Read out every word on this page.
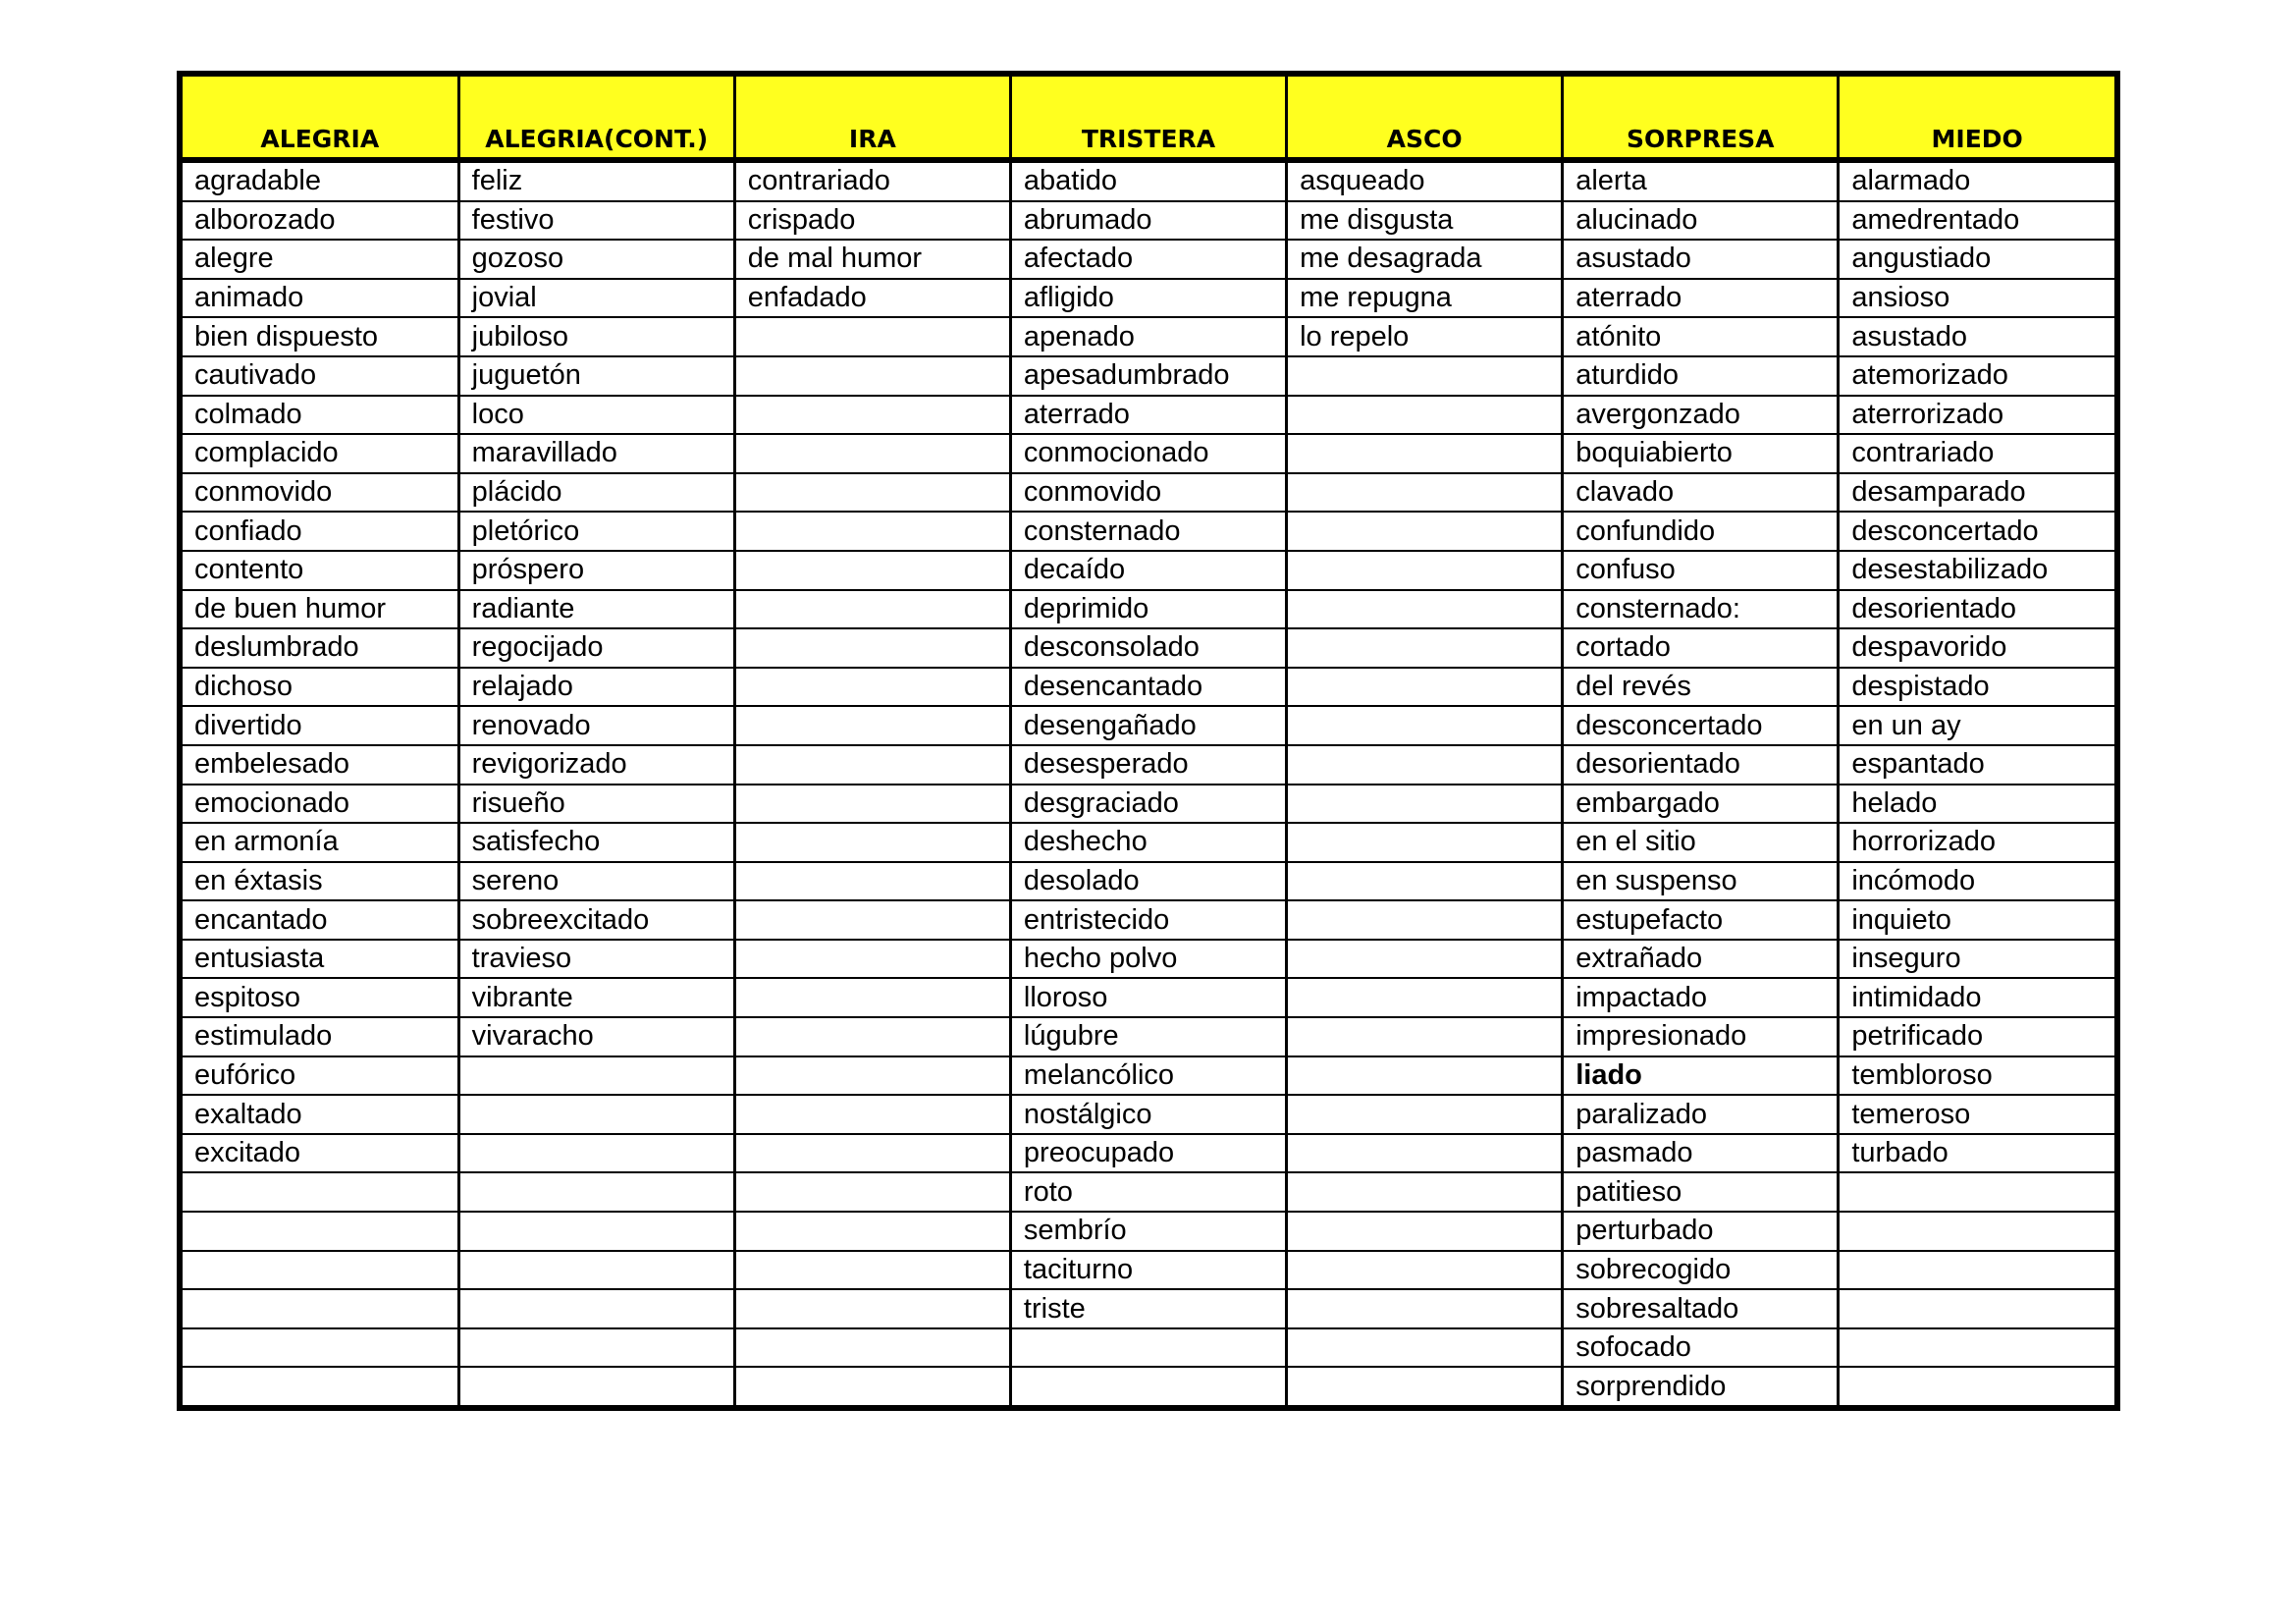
ALEGRIA	ALEGRIA(CONT.)	IRA	TRISTERA	ASCO	SORPRESA	MIEDO
agradable	feliz	contrariado	abatido	asqueado	alerta	alarmado
alborozado	festivo	crispado	abrumado	me disgusta	alucinado	amedrentado
alegre	gozoso	de mal humor	afectado	me desagrada	asustado	angustiado
animado	jovial	enfadado	afligido	me repugna	aterrado	ansioso
bien dispuesto	jubiloso		apenado	lo repelo	atónito	asustado
cautivado	juguetón		apesadumbrado		aturdido	atemorizado
colmado	loco		aterrado		avergonzado	aterrorizado
complacido	maravillado		conmocionado		boquiabierto	contrariado
conmovido	plácido		conmovido		clavado	desamparado
confiado	pletórico		consternado		confundido	desconcertado
contento	próspero		decaído		confuso	desestabilizado
de buen humor	radiante		deprimido		consternado:	desorientado
deslumbrado	regocijado		desconsolado		cortado	despavorido
dichoso	relajado		desencantado		del revés	despistado
divertido	renovado		desengañado		desconcertado	en un ay
embelesado	revigorizado		desesperado		desorientado	espantado
emocionado	risueño		desgraciado		embargado	helado
en armonía	satisfecho		deshecho		en el sitio	horrorizado
en éxtasis	sereno		desolado		en suspenso	incómodo
encantado	sobreexcitado		entristecido		estupefacto	inquieto
entusiasta	travieso		hecho polvo		extrañado	inseguro
espitoso	vibrante		lloroso		impactado	intimidado
estimulado	vivaracho		lúgubre		impresionado	petrificado
eufórico			melancólico		liado	tembloroso
exaltado			nostálgico		paralizado	temeroso
excitado			preocupado		pasmado	turbado
			roto		patitieso	
			sembrío		perturbado	
			taciturno		sobrecogido	
			triste		sobresaltado	
					sofocado	
					sorprendido	
